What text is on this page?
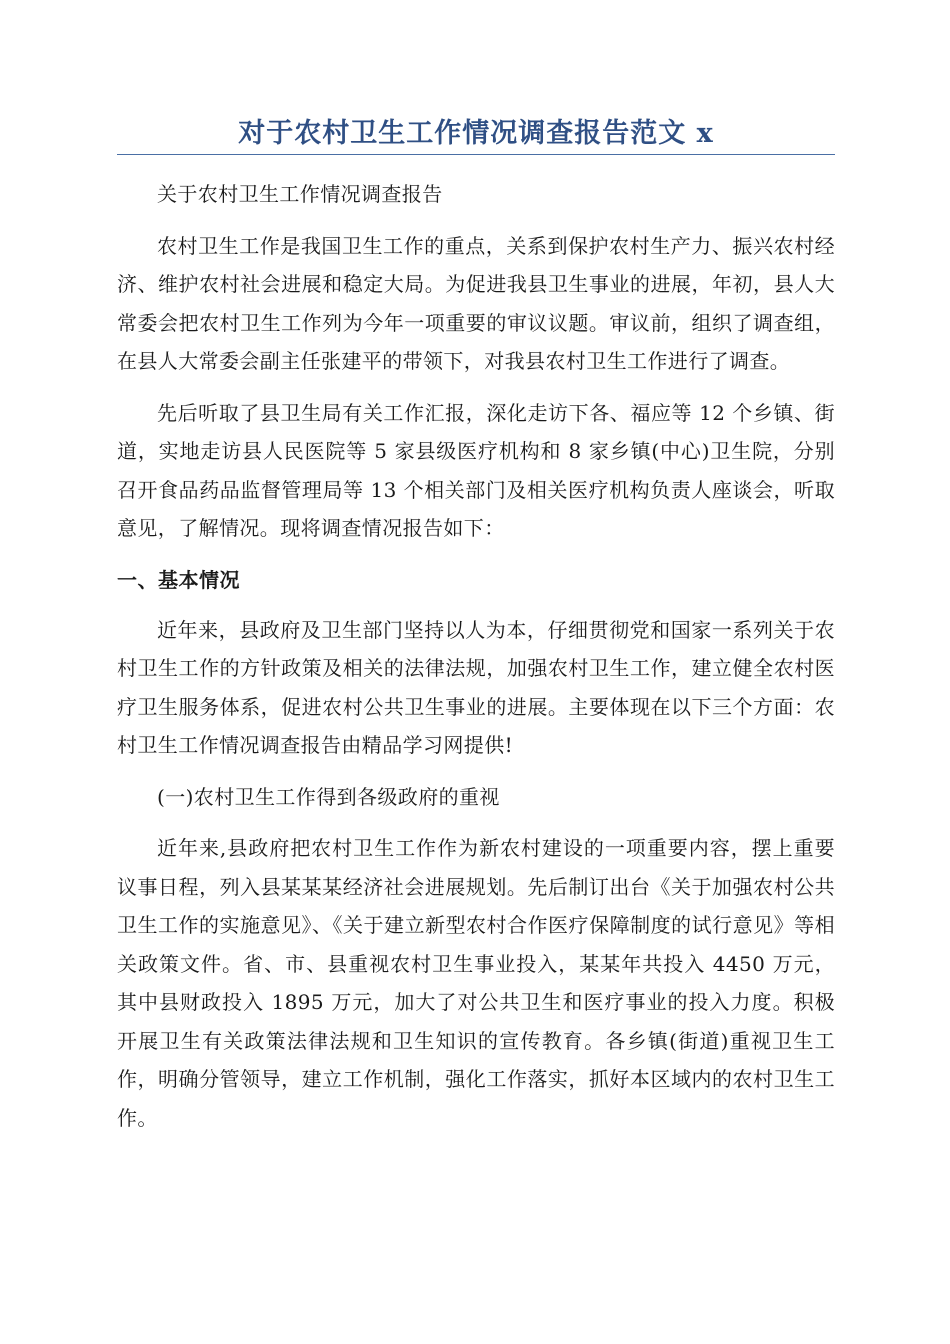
对于农村卫生工作情况调查报告范文 x

关于农村卫生工作情况调查报告

农村卫生工作是我国卫生工作的重点，关系到保护农村生产力、振兴农村经济、维护农村社会进展和稳定大局。为促进我县卫生事业的进展，年初，县人大常委会把农村卫生工作列为今年一项重要的审议议题。审议前，组织了调查组，在县人大常委会副主任张建平的带领下，对我县农村卫生工作进行了调查。

先后听取了县卫生局有关工作汇报，深化走访下各、福应等 12 个乡镇、街道，实地走访县人民医院等 5 家县级医疗机构和 8 家乡镇(中心)卫生院，分别召开食品药品监督管理局等 13 个相关部门及相关医疗机构负责人座谈会，听取意见，了解情况。现将调查情况报告如下：

一、基本情况

近年来，县政府及卫生部门坚持以人为本，仔细贯彻党和国家一系列关于农村卫生工作的方针政策及相关的法律法规，加强农村卫生工作，建立健全农村医疗卫生服务体系，促进农村公共卫生事业的进展。主要体现在以下三个方面：农村卫生工作情况调查报告由精品学习网提供!

(一)农村卫生工作得到各级政府的重视

近年来,县政府把农村卫生工作作为新农村建设的一项重要内容，摆上重要议事日程，列入县某某某经济社会进展规划。先后制订出台《关于加强农村公共卫生工作的实施意见》、《关于建立新型农村合作医疗保障制度的试行意见》等相关政策文件。省、市、县重视农村卫生事业投入，某某年共投入 4450 万元，其中县财政投入 1895 万元，加大了对公共卫生和医疗事业的投入力度。积极开展卫生有关政策法律法规和卫生知识的宣传教育。各乡镇(街道)重视卫生工作，明确分管领导，建立工作机制，强化工作落实，抓好本区域内的农村卫生工作。
